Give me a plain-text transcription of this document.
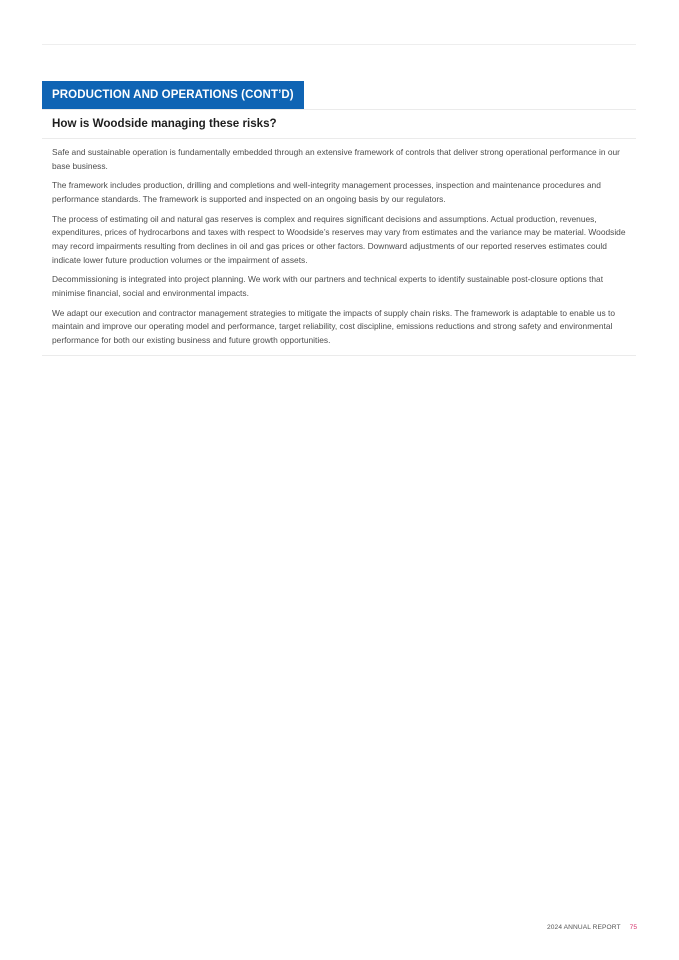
PRODUCTION AND OPERATIONS (CONT’D)
How is Woodside managing these risks?

Safe and sustainable operation is fundamentally embedded through an extensive framework of controls that deliver strong operational performance in our base business.

The framework includes production, drilling and completions and well-integrity management processes, inspection and maintenance procedures and performance standards. The framework is supported and inspected on an ongoing basis by our regulators.

The process of estimating oil and natural gas reserves is complex and requires significant decisions and assumptions. Actual production, revenues, expenditures, prices of hydrocarbons and taxes with respect to Woodside’s reserves may vary from estimates and the variance may be material. Woodside may record impairments resulting from declines in oil and gas prices or other factors. Downward adjustments of our reported reserves estimates could indicate lower future production volumes or the impairment of assets.

Decommissioning is integrated into project planning. We work with our partners and technical experts to identify sustainable post-closure options that minimise financial, social and environmental impacts.

We adapt our execution and contractor management strategies to mitigate the impacts of supply chain risks. The framework is adaptable to enable us to maintain and improve our operating model and performance, target reliability, cost discipline, emissions reductions and strong safety and environmental performance for both our existing business and future growth opportunities.

2024 ANNUAL REPORT 75
